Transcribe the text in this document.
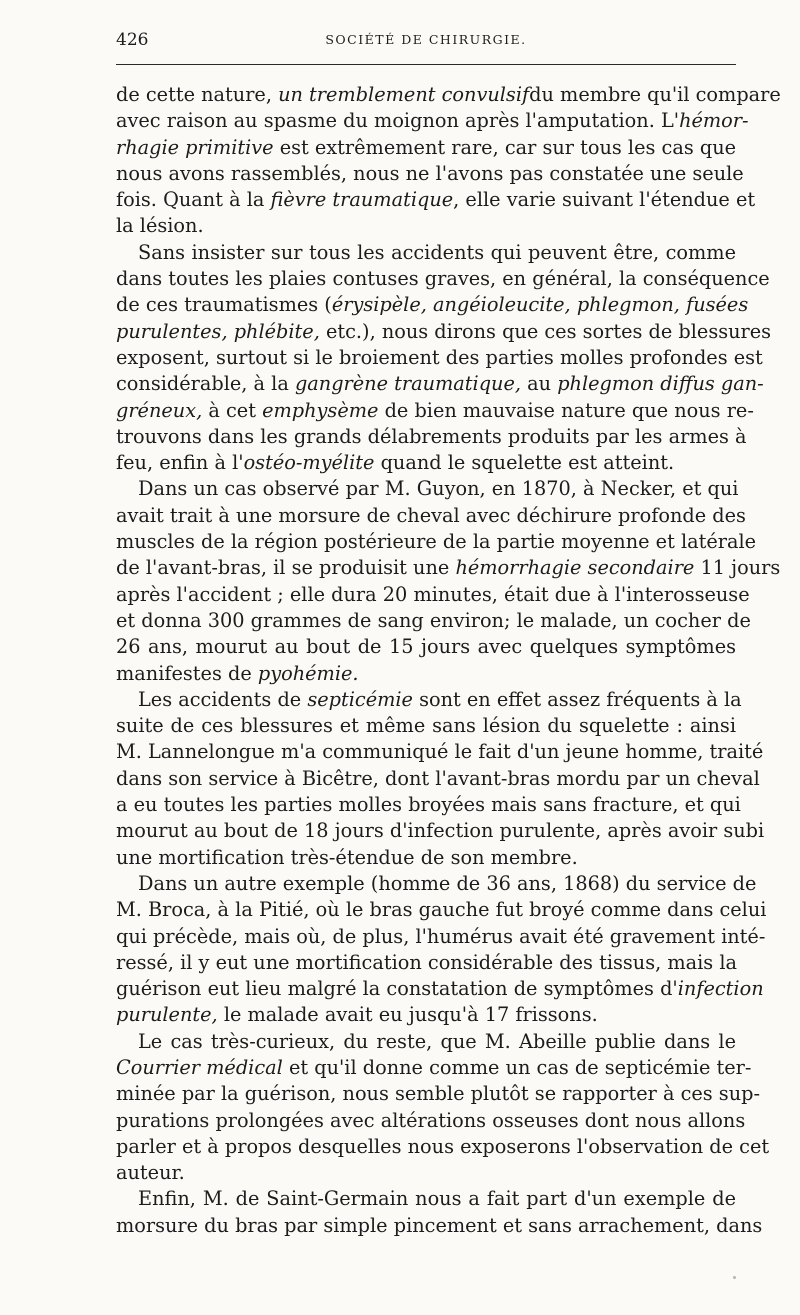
426	SOCIÉTÉ DE CHIRURGIE.
de cette nature, un tremblement convulsifdu membre qu'il compare
avec raison au spasme du moignon après l'amputation. L'hémor-
rhagie primitive est extrêmement rare, car sur tous les cas que
nous avons rassemblés, nous ne l'avons pas constatée une seule
fois. Quant à la fièvre traumatique, elle varie suivant l'étendue et
la lésion.
Sans insister sur tous les accidents qui peuvent être, comme
dans toutes les plaies contuses graves, en général, la conséquence
de ces traumatismes (érysipèle, angéioleucite, phlegmon, fusées
purulentes, phlébite, etc.), nous dirons que ces sortes de blessures
exposent, surtout si le broiement des parties molles profondes est
considérable, à la gangrène traumatique, au phlegmon diffus gan-
gréneux, à cet emphysème de bien mauvaise nature que nous re-
trouvons dans les grands délabrements produits par les armes à
feu, enfin à l'ostéo-myélite quand le squelette est atteint.
Dans un cas observé par M. Guyon, en 1870, à Necker, et qui
avait trait à une morsure de cheval avec déchirure profonde des
muscles de la région postérieure de la partie moyenne et latérale
de l'avant-bras, il se produisit une hémorrhagie secondaire 11 jours
après l'accident ; elle dura 20 minutes, était due à l'interosseuse
et donna 300 grammes de sang environ; le malade, un cocher de
26 ans, mourut au bout de 15 jours avec quelques symptômes
manifestes de pyohémie.
Les accidents de septicémie sont en effet assez fréquents à la
suite de ces blessures et même sans lésion du squelette : ainsi
M. Lannelongue m'a communiqué le fait d'un jeune homme, traité
dans son service à Bicêtre, dont l'avant-bras mordu par un cheval
a eu toutes les parties molles broyées mais sans fracture, et qui
mourut au bout de 18 jours d'infection purulente, après avoir subi
une mortification très-étendue de son membre.
Dans un autre exemple (homme de 36 ans, 1868) du service de
M. Broca, à la Pitié, où le bras gauche fut broyé comme dans celui
qui précède, mais où, de plus, l'humérus avait été gravement inté-
ressé, il y eut une mortification considérable des tissus, mais la
guérison eut lieu malgré la constatation de symptômes d'infection
purulente, le malade avait eu jusqu'à 17 frissons.
Le cas très-curieux, du reste, que M. Abeille publie dans le
Courrier médical et qu'il donne comme un cas de septicémie ter-
minée par la guérison, nous semble plutôt se rapporter à ces sup-
purations prolongées avec altérations osseuses dont nous allons
parler et à propos desquelles nous exposerons l'observation de cet
auteur.
Enfin, M. de Saint-Germain nous a fait part d'un exemple de
morsure du bras par simple pincement et sans arrachement, dans
